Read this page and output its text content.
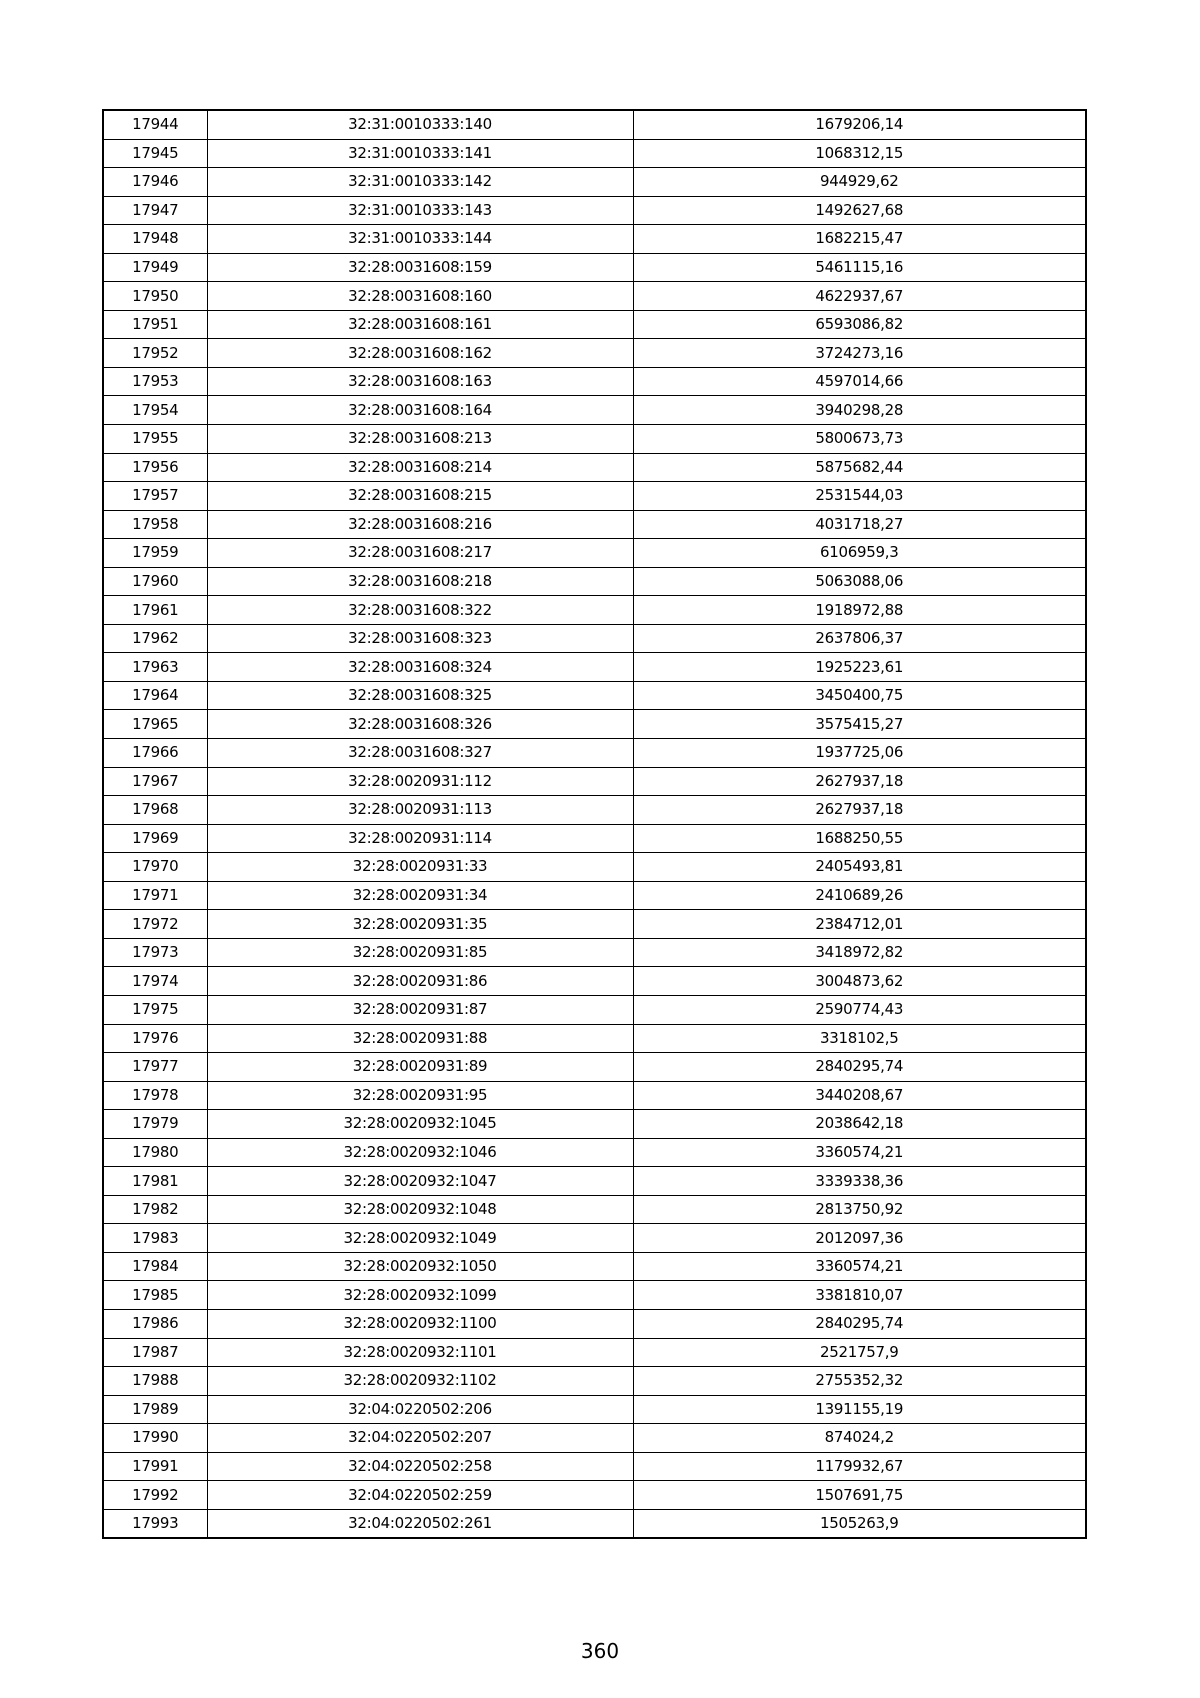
17944	32:31:0010333:140	1679206,14
17945	32:31:0010333:141	1068312,15
17946	32:31:0010333:142	944929,62
17947	32:31:0010333:143	1492627,68
17948	32:31:0010333:144	1682215,47
17949	32:28:0031608:159	5461115,16
17950	32:28:0031608:160	4622937,67
17951	32:28:0031608:161	6593086,82
17952	32:28:0031608:162	3724273,16
17953	32:28:0031608:163	4597014,66
17954	32:28:0031608:164	3940298,28
17955	32:28:0031608:213	5800673,73
17956	32:28:0031608:214	5875682,44
17957	32:28:0031608:215	2531544,03
17958	32:28:0031608:216	4031718,27
17959	32:28:0031608:217	6106959,3
17960	32:28:0031608:218	5063088,06
17961	32:28:0031608:322	1918972,88
17962	32:28:0031608:323	2637806,37
17963	32:28:0031608:324	1925223,61
17964	32:28:0031608:325	3450400,75
17965	32:28:0031608:326	3575415,27
17966	32:28:0031608:327	1937725,06
17967	32:28:0020931:112	2627937,18
17968	32:28:0020931:113	2627937,18
17969	32:28:0020931:114	1688250,55
17970	32:28:0020931:33	2405493,81
17971	32:28:0020931:34	2410689,26
17972	32:28:0020931:35	2384712,01
17973	32:28:0020931:85	3418972,82
17974	32:28:0020931:86	3004873,62
17975	32:28:0020931:87	2590774,43
17976	32:28:0020931:88	3318102,5
17977	32:28:0020931:89	2840295,74
17978	32:28:0020931:95	3440208,67
17979	32:28:0020932:1045	2038642,18
17980	32:28:0020932:1046	3360574,21
17981	32:28:0020932:1047	3339338,36
17982	32:28:0020932:1048	2813750,92
17983	32:28:0020932:1049	2012097,36
17984	32:28:0020932:1050	3360574,21
17985	32:28:0020932:1099	3381810,07
17986	32:28:0020932:1100	2840295,74
17987	32:28:0020932:1101	2521757,9
17988	32:28:0020932:1102	2755352,32
17989	32:04:0220502:206	1391155,19
17990	32:04:0220502:207	874024,2
17991	32:04:0220502:258	1179932,67
17992	32:04:0220502:259	1507691,75
17993	32:04:0220502:261	1505263,9
360
